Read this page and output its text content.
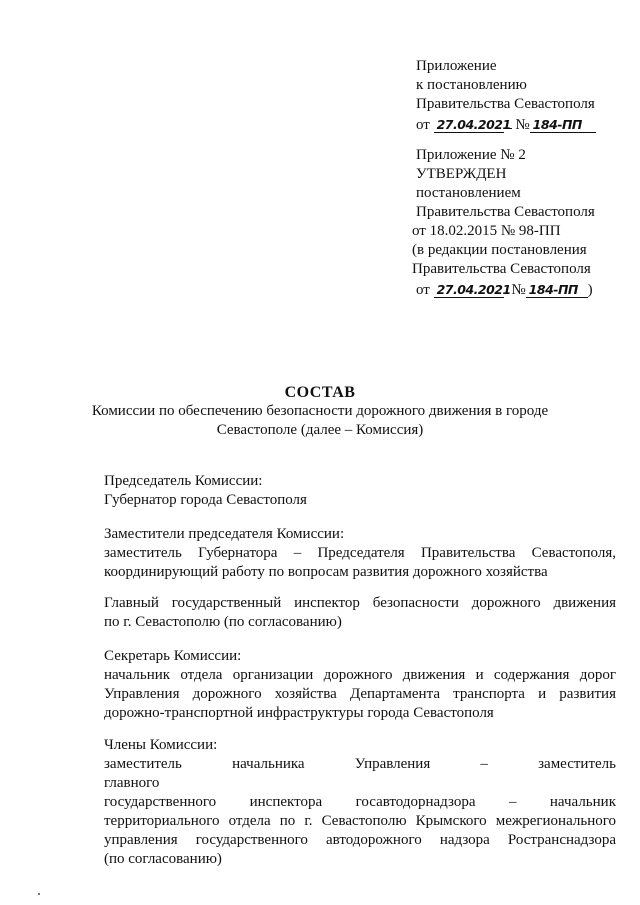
Приложение
к постановлению
Правительства Севастополя
от 27.04.2021 № 184-ПП
Приложение № 2
УТВЕРЖДЕН
постановлением
Правительства Севастополя
от 18.02.2015 № 98-ПП
(в редакции постановления
Правительства Севастополя
от 27.04.2021 № 184-ПП )
СОСТАВ
Комиссии по обеспечению безопасности дорожного движения в городе
Севастополе (далее – Комиссия)
Председатель Комиссии:
Губернатор города Севастополя
Заместители председателя Комиссии:
заместитель Губернатора – Председателя Правительства Севастополя,
координирующий работу по вопросам развития дорожного хозяйства
Главный государственный инспектор безопасности дорожного движения
по г. Севастополю (по согласованию)
Секретарь Комиссии:
начальник отдела организации дорожного движения и содержания дорог
Управления дорожного хозяйства Департамента транспорта и развития
дорожно-транспортной инфраструктуры города Севастополя
Члены Комиссии:
заместитель начальника Управления – заместитель главного
государственного инспектора госавтодорнадзора – начальник
территориального отдела по г. Севастополю Крымского межрегионального
управления государственного автодорожного надзора Ространснадзора
(по согласованию)
